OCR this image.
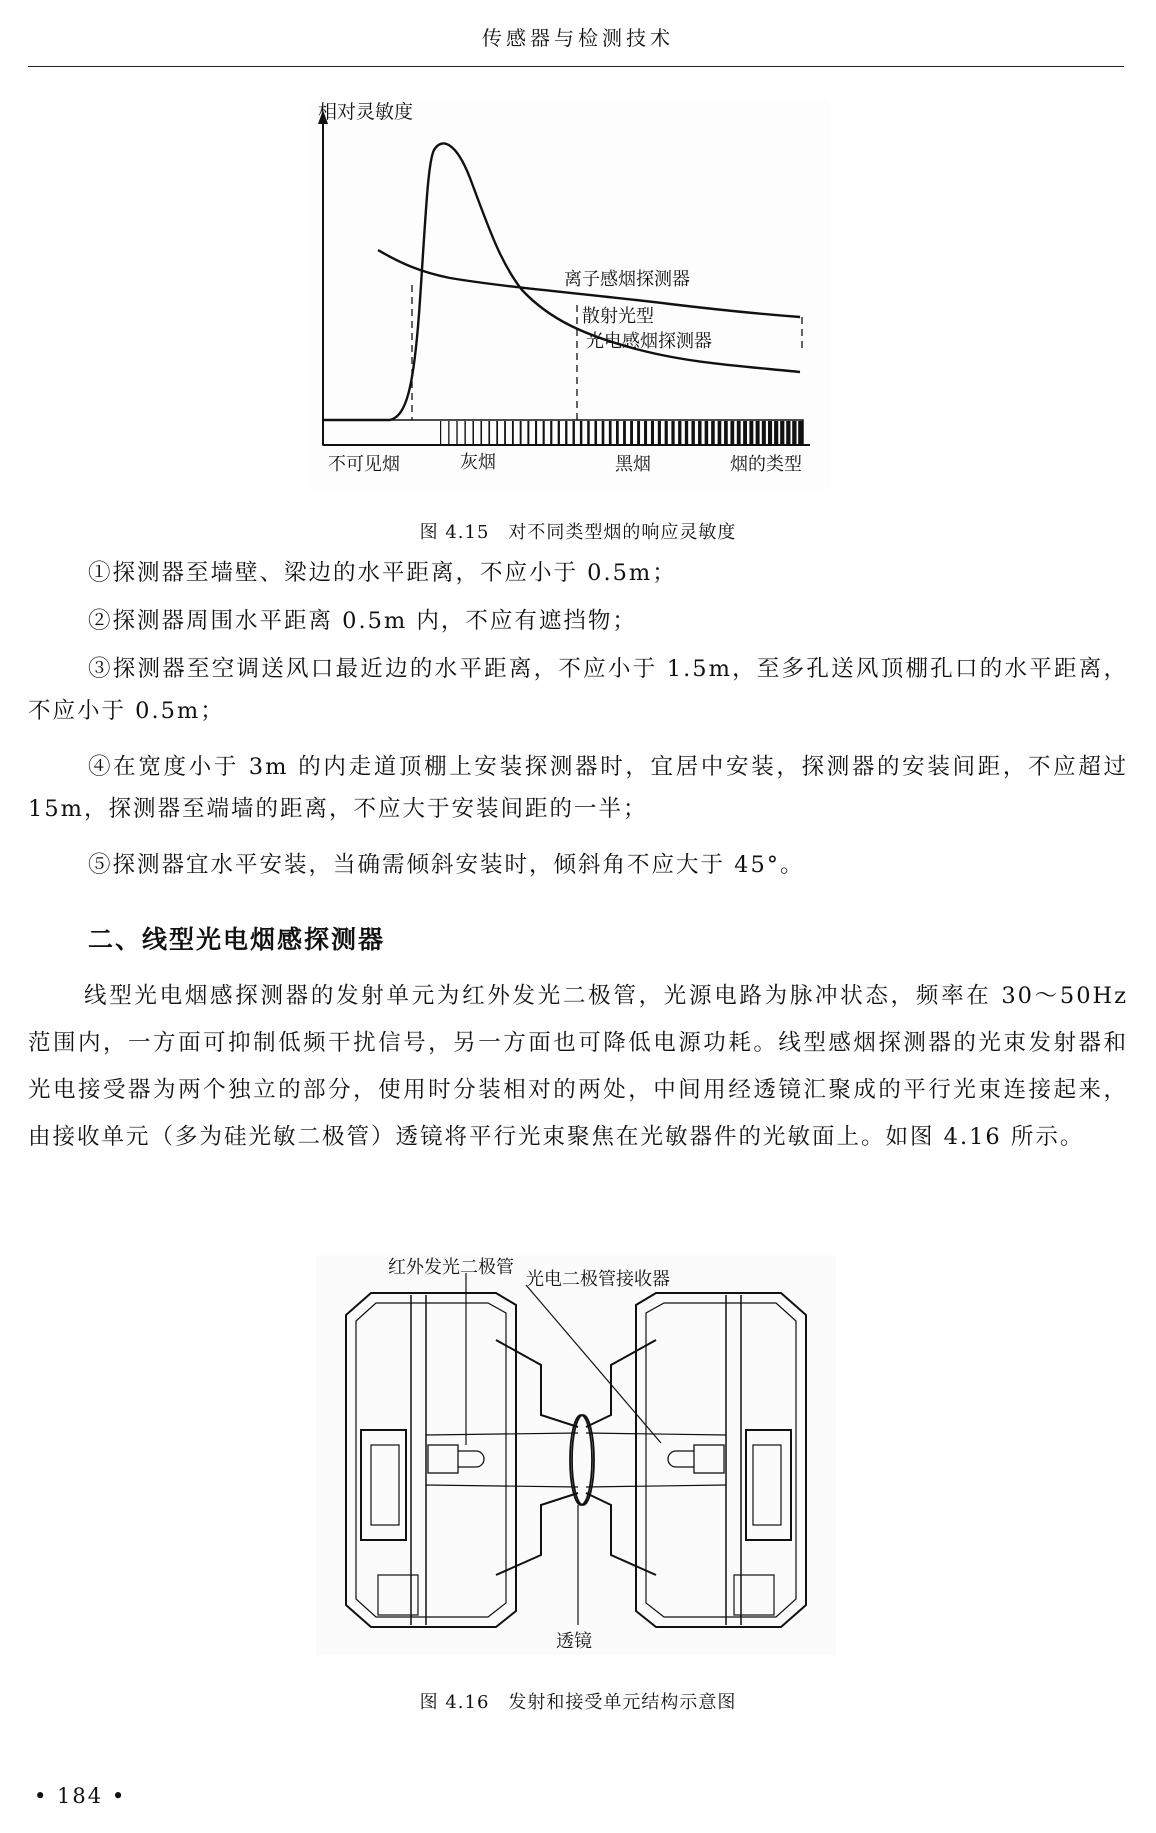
传感器与检测技术
相对灵敏度
离子感烟探测器
散射光型
光电感烟探测器
不可见烟	灰烟	黑烟	烟的类型
图 4.15　对不同类型烟的响应灵敏度
①探测器至墙壁、梁边的水平距离，不应小于 0.5m；
②探测器周围水平距离 0.5m 内，不应有遮挡物；
③探测器至空调送风口最近边的水平距离，不应小于 1.5m，至多孔送风顶棚孔口的水平距离，不应小于 0.5m；
④在宽度小于 3m 的内走道顶棚上安装探测器时，宜居中安装，探测器的安装间距，不应超过 15m，探测器至端墙的距离，不应大于安装间距的一半；
⑤探测器宜水平安装，当确需倾斜安装时，倾斜角不应大于 45°。
二、线型光电烟感探测器
线型光电烟感探测器的发射单元为红外发光二极管，光源电路为脉冲状态，频率在 30～50Hz 范围内，一方面可抑制低频干扰信号，另一方面也可降低电源功耗。线型感烟探测器的光束发射器和光电接受器为两个独立的部分，使用时分装相对的两处，中间用经透镜汇聚成的平行光束连接起来，由接收单元（多为硅光敏二极管）透镜将平行光束聚焦在光敏器件的光敏面上。如图 4.16 所示。
红外发光二极管
光电二极管接收器
透镜
图 4.16　发射和接受单元结构示意图
• 184 •
